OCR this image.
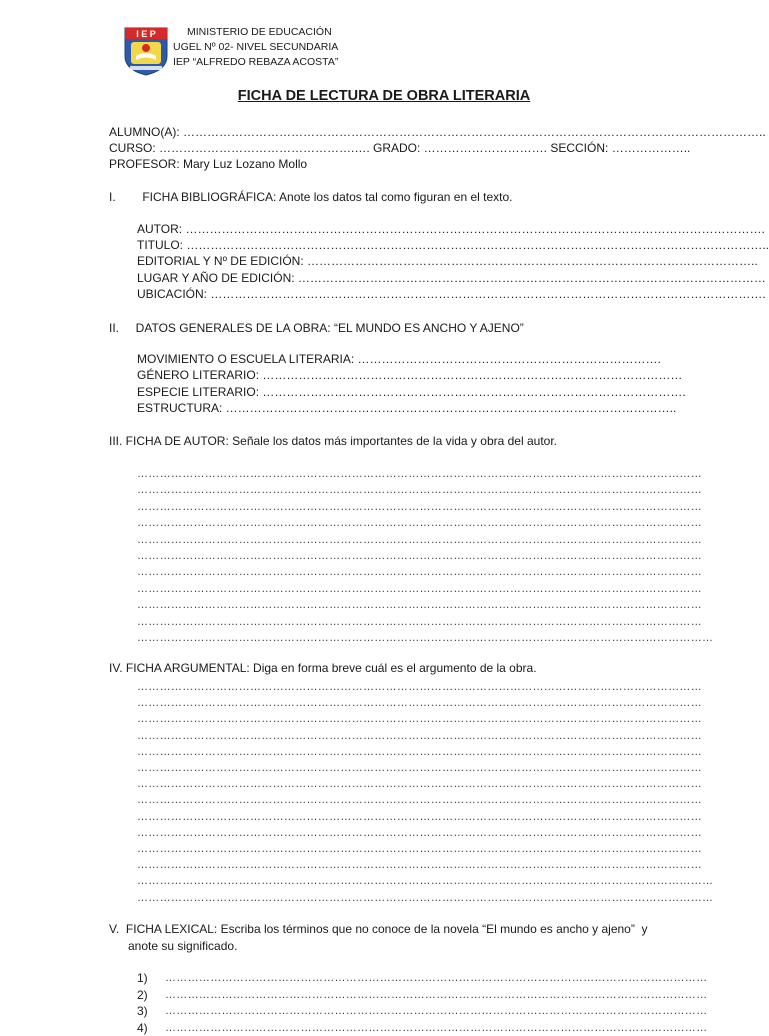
I E P	MINISTERIO DE EDUCACIÓN
UGEL Nº 02- NIVEL SECUNDARIA
IEP “ALFREDO REBAZA ACOSTA”
FICHA DE LECTURA DE OBRA LITERARIA
ALUMNO(A): ………………………………………………………………………………………………………………………………..
CURSO: ………………………………………….…. GRADO: …………………………. SECCIÓN: ………………..
PROFESOR: Mary Luz Lozano Mollo
I.        FICHA BIBLIOGRÁFICA: Anote los datos tal como figuran en el texto.
AUTOR: ……………………………………………………………………………………………………………………………….
TITULO: ………………………………………………………………………………………………………………………………..
EDITORIAL Y Nº DE EDICIÓN: …………………………………………………………………………………………………..
LUGAR Y AÑO DE EDICIÓN: ………………………………………………………………………………………………………
UBICACIÓN: ………………………………………………………………………………………………………………………….
II.     DATOS GENERALES DE LA OBRA: “EL MUNDO ES ANCHO Y AJENO”
MOVIMIENTO O ESCUELA LITERARIA: ………………………………………………………………….
GÉNERO LITERARIO: ……………………………………………………………………………………………
ESPECIE LITERARIO: …………………………………………………………………………………………….
ESTRUCTURA: …………………………………………………………………………………………………..
III. FICHA DE AUTOR: Señale los datos más importantes de la vida y obra del autor.
……………………………………………………………………………………………………………………………………
……………………………………………………………………………………………………………………………………
……………………………………………………………………………………………………………………………………
……………………………………………………………………………………………………………………………………
……………………………………………………………………………………………………………………………………
……………………………………………………………………………………………………………………………………
……………………………………………………………………………………………………………………………………
……………………………………………………………………………………………………………………………………
……………………………………………………………………………………………………………………………………
……………………………………………………………………………………………………………………………………
………………………………………………………………………………………………………………………………………
IV. FICHA ARGUMENTAL: Diga en forma breve cuál es el argumento de la obra.
……………………………………………………………………………………………………………………………………
……………………………………………………………………………………………………………………………………
……………………………………………………………………………………………………………………………………
……………………………………………………………………………………………………………………………………
……………………………………………………………………………………………………………………………………
……………………………………………………………………………………………………………………………………
……………………………………………………………………………………………………………………………………
……………………………………………………………………………………………………………………………………
……………………………………………………………………………………………………………………………………
……………………………………………………………………………………………………………………………………
……………………………………………………………………………………………………………………………………
……………………………………………………………………………………………………………………………………
………………………………………………………………………………………………………………………………………
………………………………………………………………………………………………………………………………………
V.  FICHA LEXICAL: Escriba los términos que no conoce de la novela “El mundo es ancho y ajeno”  y
anote su significado.
1)	………………………………………………………………………………………………………………………………
2)	………………………………………………………………………………………………………………………………
3)	………………………………………………………………………………………………………………………………
4)	………………………………………………………………………………………………………………………………
